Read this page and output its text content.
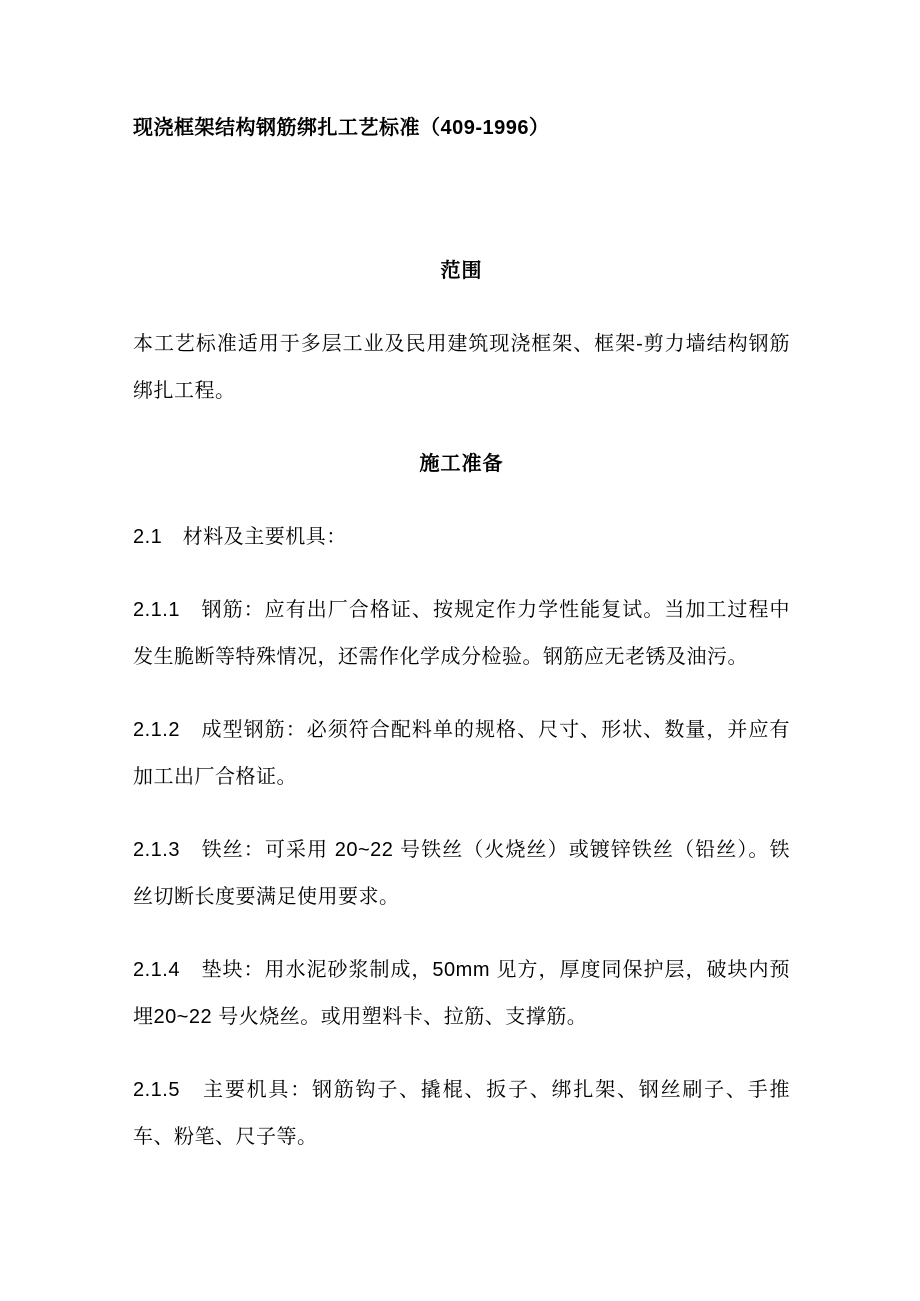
现浇框架结构钢筋绑扎工艺标准（409-1996）
范围

本工艺标准适用于多层工业及民用建筑现浇框架、框架-剪力墙结构钢筋绑扎工程。

施工准备

2.1　材料及主要机具：

2.1.1　钢筋：应有出厂合格证、按规定作力学性能复试。当加工过程中发生脆断等特殊情况，还需作化学成分检验。钢筋应无老锈及油污。

2.1.2　成型钢筋：必须符合配料单的规格、尺寸、形状、数量，并应有加工出厂合格证。

2.1.3　铁丝：可采用 20~22 号铁丝（火烧丝）或镀锌铁丝（铅丝）。铁丝切断长度要满足使用要求。

2.1.4　垫块：用水泥砂浆制成，50mm 见方，厚度同保护层，破块内预埋20~22 号火烧丝。或用塑料卡、拉筋、支撑筋。

2.1.5　主要机具：钢筋钩子、撬棍、扳子、绑扎架、钢丝刷子、手推车、粉笔、尺子等。
